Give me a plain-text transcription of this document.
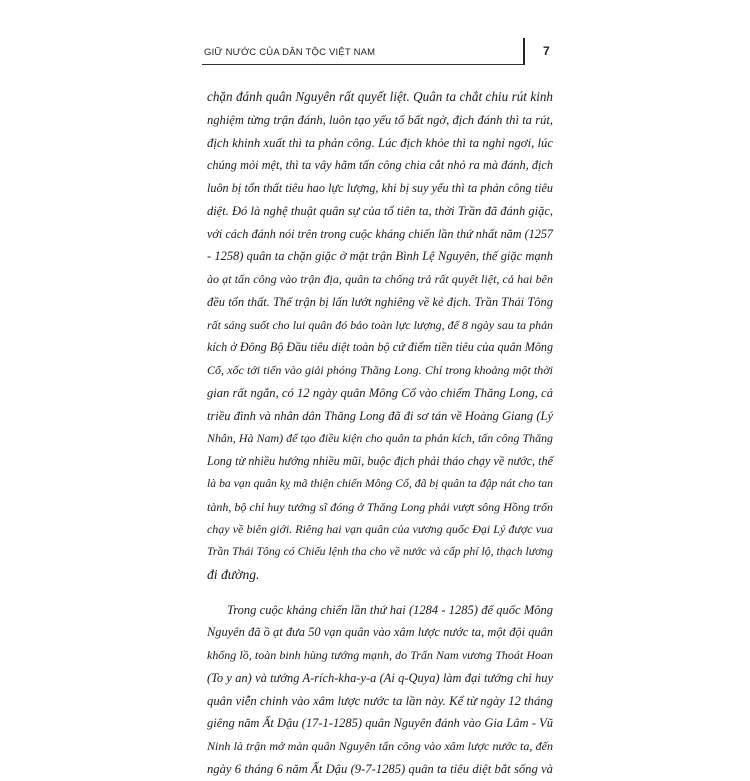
GIỮ NƯỚC CỦA DÂN TỘC VIỆT NAM	7
chặn đánh quân Nguyên rất quyết liệt. Quân ta chắt chiu rút kinh
nghiệm từng trận đánh, luôn tạo yếu tố bất ngờ, địch đánh thì ta rút,
địch khinh xuất thì ta phản công. Lúc địch khỏe thì ta nghỉ ngơi, lúc
chúng mỏi mệt, thì ta vây hãm tấn công chia cắt nhỏ ra mà đánh, địch
luôn bị tổn thất tiêu hao lực lượng, khi bị suy yếu thì ta phản công tiêu
diệt. Đó là nghệ thuật quân sự của tổ tiên ta, thời Trần đã đánh giặc,
với cách đánh nói trên trong cuộc kháng chiến lần thứ nhất năm (1257
- 1258) quân ta chặn giặc ở mặt trận Bình Lệ Nguyên, thế giặc mạnh
ào ạt tấn công vào trận địa, quân ta chống trả rất quyết liệt, cả hai bên
đều tổn thất. Thế trận bị lấn lướt nghiêng về kẻ địch. Trần Thái Tông
rất sáng suốt cho lui quân đó bảo toàn lực lượng, để 8 ngày sau ta phản
kích ở Đông Bộ Đầu tiêu diệt toàn bộ cứ điểm tiền tiêu của quân Mông
Cổ, xốc tới tiến vào giải phóng Thăng Long. Chỉ trong khoảng một thời
gian rất ngắn, có 12 ngày quân Mông Cổ vào chiếm Thăng Long, cả
triều đình và nhân dân Thăng Long đã đi sơ tán về Hoàng Giang (Lý
Nhân, Hà Nam) để tạo điều kiện cho quân ta phản kích, tấn công Thăng
Long từ nhiều hướng nhiều mũi, buộc địch phải tháo chạy về nước, thế
là ba vạn quân kỵ mã thiện chiến Mông Cổ, đã bị quân ta đập nát cho tan
tành, bộ chỉ huy tướng sĩ đóng ở Thăng Long phải vượt sông Hồng trốn
chạy về biên giới. Riêng hai vạn quân của vương quốc Đại Lý được vua
Trần Thái Tông có Chiếu lệnh tha cho về nước và cấp phí lộ, thạch lương
đi đường.
Trong cuộc kháng chiến lần thứ hai (1284 - 1285) đế quốc Mông
Nguyên đã ồ ạt đưa 50 vạn quân vào xâm lược nước ta, một đội quân
khổng lồ, toàn binh hùng tướng mạnh, do Trấn Nam vương Thoát Hoan
(To y an) và tướng A-rích-kha-y-a (Ai q-Quya) làm đại tướng chỉ huy
quân viễn chinh vào xâm lược nước ta lần này. Kể từ ngày 12 tháng
giêng năm Ất Dậu (17-1-1285) quân Nguyên đánh vào Gia Lâm - Vũ
Ninh là trận mở màn quân Nguyên tấn công vào xâm lược nước ta, đến
ngày 6 tháng 6 năm Ất Dậu (9-7-1285) quân ta tiêu diệt bắt sống và
